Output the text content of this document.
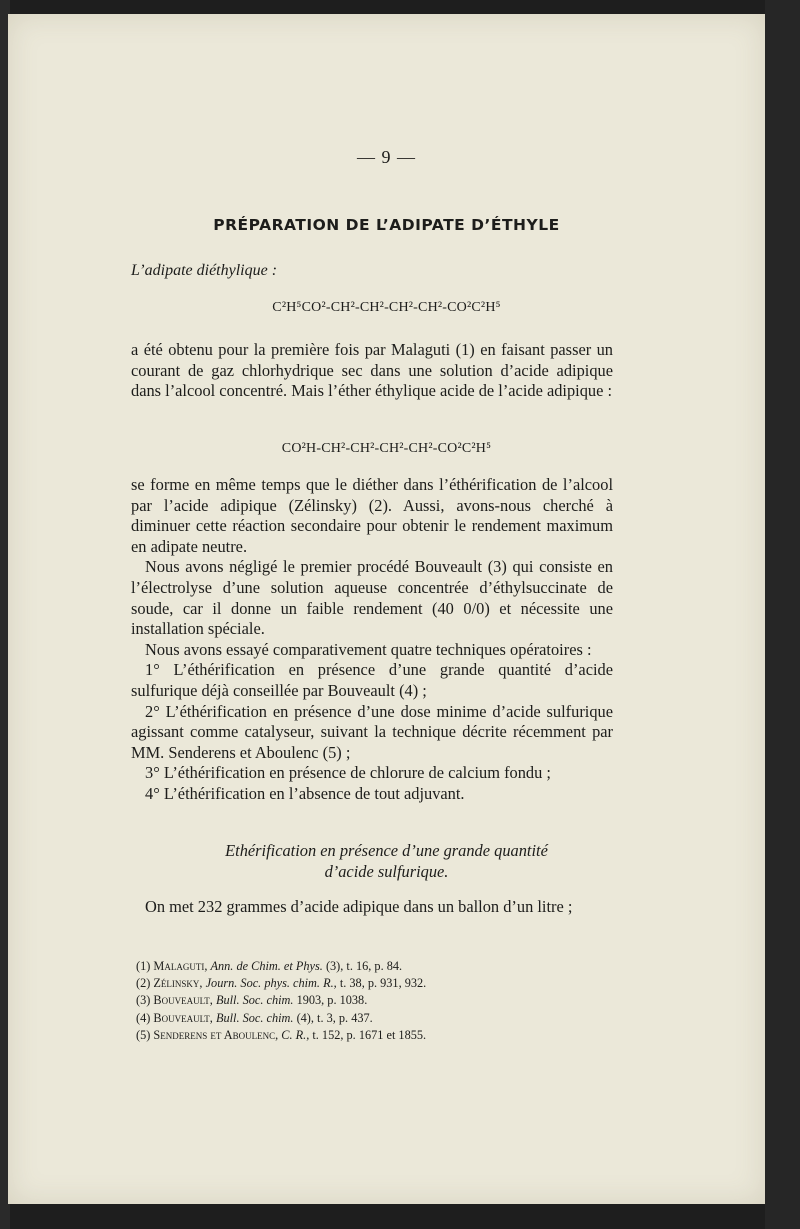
— 9 —
PRÉPARATION DE L’ADIPATE D’ÉTHYLE
L’adipate diéthylique :
C²H⁵CO²-CH²-CH²-CH²-CH²-CO²C²H⁵

a été obtenu pour la première fois par Malaguti (1) en faisant passer un courant de gaz chlorhydrique sec dans une solution d’acide adipique dans l’alcool concentré. Mais l’éther éthylique acide de l’acide adipique :

CO²H-CH²-CH²-CH²-CH²-CO²C²H⁵

se forme en même temps que le diéther dans l’éthérification de l’alcool par l’acide adipique (Zélinsky) (2). Aussi, avons-nous cherché à diminuer cette réaction secondaire pour obtenir le rendement maximum en adipate neutre.

Nous avons négligé le premier procédé Bouveault (3) qui consiste en l’électrolyse d’une solution aqueuse concentrée d’éthylsuccinate de soude, car il donne un faible rendement (40 0/0) et nécessite une installation spéciale.

Nous avons essayé comparativement quatre techniques opératoires :

1° L’éthérification en présence d’une grande quantité d’acide sulfurique déjà conseillée par Bouveault (4) ;

2° L’éthérification en présence d’une dose minime d’acide sulfurique agissant comme catalyseur, suivant la technique décrite récemment par MM. Senderens et Aboulenc (5) ;

3° L’éthérification en présence de chlorure de calcium fondu ;

4° L’éthérification en l’absence de tout adjuvant.

Ethérification en présence d’une grande quantité
d’acide sulfurique.

On met 232 grammes d’acide adipique dans un ballon d’un litre ;

(1) Malaguti, Ann. de Chim. et Phys. (3), t. 16, p. 84.
(2) Zélinsky, Journ. Soc. phys. chim. R., t. 38, p. 931, 932.
(3) Bouveault, Bull. Soc. chim. 1903, p. 1038.
(4) Bouveault, Bull. Soc. chim. (4), t. 3, p. 437.
(5) Senderens et Aboulenc, C. R., t. 152, p. 1671 et 1855.
